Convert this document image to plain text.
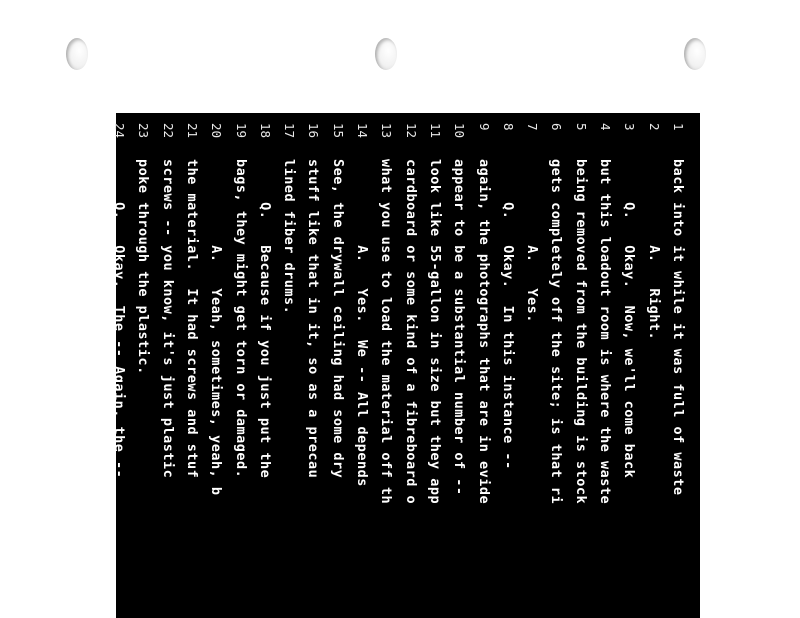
1
back into it while it was full of waste
2
A.   Right.
3
Q.   Okay.  Now, we'll come back
4
but this loadout room is where the waste
5
being removed from the building is stock
6
gets completely off the site; is that ri
7
A.   Yes.
8
Q.   Okay.  In this instance --
9
again, the photographs that are in evide
10
appear to be a substantial number of --
11
look like 55-gallon in size but they app
12
cardboard or some kind of a fibreboard o
13
what you use to load the material off th
14
A.   Yes.  We -- All depends
15
See, the drywall ceiling had some dry
16
stuff like that in it, so as a precau
17
lined fiber drums.
18
Q.   Because if you just put the
19
bags, they might get torn or damaged.
20
A.   Yeah, sometimes, yeah, b
21
the material.  It had screws and stuf
22
screws -- you know, it's just plastic
23
poke through the plastic.
24
Q.   Okay.  The -- Again, the --
